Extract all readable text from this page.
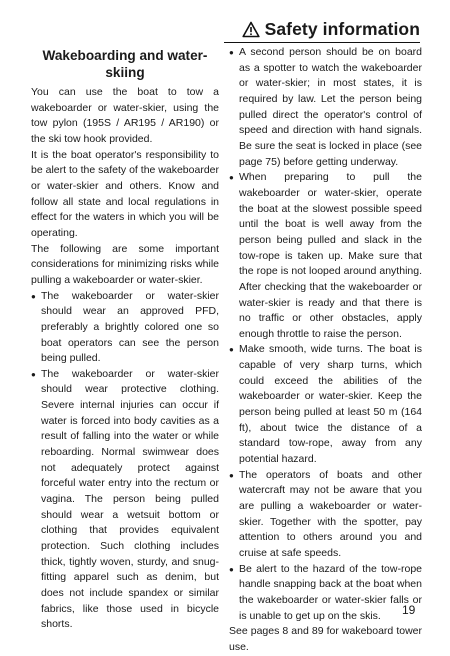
Safety information
Wakeboarding and water-skiing

You can use the boat to tow a wakeboarder or water-skier, using the tow pylon (195S / AR195 / AR190) or the ski tow hook provided.

It is the boat operator's responsibility to be alert to the safety of the wakeboarder or water-skier and others. Know and follow all state and local regulations in effect for the waters in which you will be operating.

The following are some important considerations for minimizing risks while pulling a wakeboarder or water-skier.

● The wakeboarder or water-skier should wear an approved PFD, preferably a brightly colored one so boat operators can see the person being pulled.
● The wakeboarder or water-skier should wear protective clothing. Severe internal injuries can occur if water is forced into body cavities as a result of falling into the water or while reboarding. Normal swimwear does not adequately protect against forceful water entry into the rectum or vagina. The person being pulled should wear a wetsuit bottom or clothing that provides equivalent protection. Such clothing includes thick, tightly woven, sturdy, and snug-fitting apparel such as denim, but does not include spandex or similar fabrics, like those used in bicycle shorts.
● A second person should be on board as a spotter to watch the wakeboarder or water-skier; in most states, it is required by law. Let the person being pulled direct the operator's control of speed and direction with hand signals. Be sure the seat is locked in place (see page 75) before getting underway.
● When preparing to pull the wakeboarder or water-skier, operate the boat at the slowest possible speed until the boat is well away from the person being pulled and slack in the tow-rope is taken up. Make sure that the rope is not looped around anything. After checking that the wakeboarder or water-skier is ready and that there is no traffic or other obstacles, apply enough throttle to raise the person.
● Make smooth, wide turns. The boat is capable of very sharp turns, which could exceed the abilities of the wakeboarder or water-skier. Keep the person being pulled at least 50 m (164 ft), about twice the distance of a standard tow-rope, away from any potential hazard.
● The operators of boats and other watercraft may not be aware that you are pulling a wakeboarder or water-skier. Together with the spotter, pay attention to others around you and cruise at safe speeds.
● Be alert to the hazard of the tow-rope handle snapping back at the boat when the wakeboarder or water-skier falls or is unable to get up on the skis.

See pages 8 and 89 for wakeboard tower use.

19
